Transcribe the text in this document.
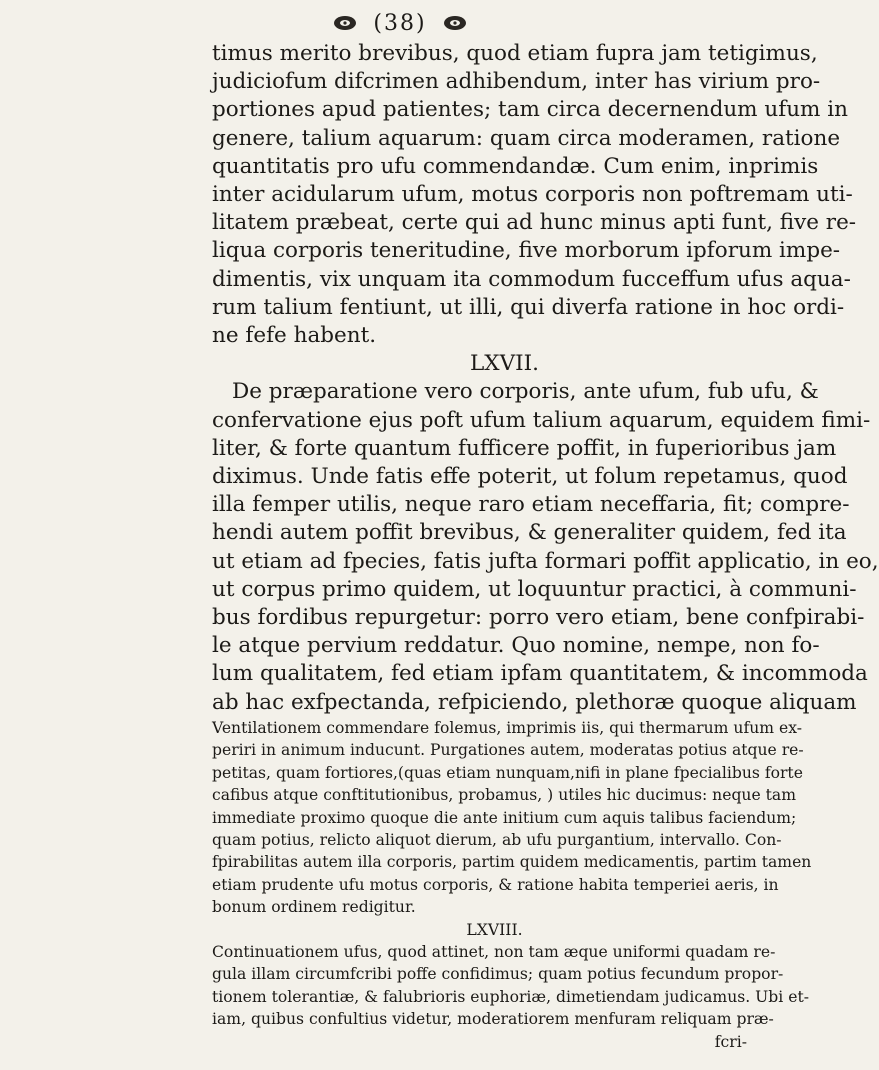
(38)
timus merito brevibus, quod etiam fupra jam tetigimus,
judiciofum difcrimen adhibendum, inter has virium pro-
portiones apud patientes; tam circa decernendum ufum in
genere, talium aquarum: quam circa moderamen, ratione
quantitatis pro ufu commendandæ. Cum enim, inprimis
inter acidularum ufum, motus corporis non poftremam uti-
litatem præbeat, certe qui ad hunc minus apti funt, five re-
liqua corporis teneritudine, five morborum ipforum impe-
dimentis, vix unquam ita commodum fucceffum ufus aqua-
rum talium fentiunt, ut illi, qui diverfa ratione in hoc ordi-
ne fefe habent.
LXVII.
De præparatione vero corporis, ante ufum, fub ufu, &
confervatione ejus poft ufum talium aquarum, equidem fimi-
liter, & forte quantum fufficere poffit, in fuperioribus jam
diximus. Unde fatis effe poterit, ut folum repetamus, quod
illa femper utilis, neque raro etiam neceffaria, fit; compre-
hendi autem poffit brevibus, & generaliter quidem, fed ita
ut etiam ad fpecies, fatis jufta formari poffit applicatio, in eo,
ut corpus primo quidem, ut loquuntur practici, à communi-
bus fordibus repurgetur: porro vero etiam, bene confpirabi-
le atque pervium reddatur. Quo nomine, nempe, non fo-
lum qualitatem, fed etiam ipfam quantitatem, & incommoda
ab hac exfpectanda, refpiciendo, plethoræ quoque aliquam
Ventilationem commendare folemus, imprimis iis, qui thermarum ufum ex-
periri in animum inducunt. Purgationes autem, moderatas potius atque re-
petitas, quam fortiores,(quas etiam nunquam,nifi in plane fpecialibus forte
cafibus atque conftitutionibus, probamus, ) utiles hic ducimus: neque tam
immediate proximo quoque die ante initium cum aquis talibus faciendum;
quam potius, relicto aliquot dierum, ab ufu purgantium, intervallo. Con-
fpirabilitas autem illa corporis, partim quidem medicamentis, partim tamen
etiam prudente ufu motus corporis, & ratione habita temperiei aeris, in
bonum ordinem redigitur.
LXVIII.
Continuationem ufus, quod attinet, non tam æque uniformi quadam re-
gula illam circumfcribi poffe confidimus; quam potius fecundum propor-
tionem tolerantiæ, & falubrioris euphoriæ, dimetiendam judicamus. Ubi et-
iam, quibus confultius videtur, moderatiorem menfuram reliquam præ-
fcri-
